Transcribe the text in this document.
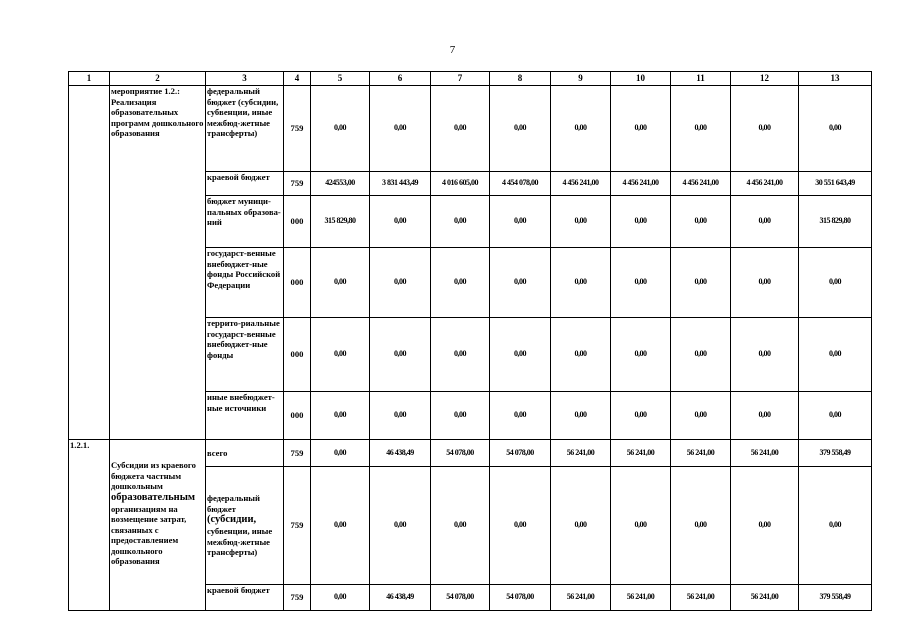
7
1	2	3	4	5	6	7	8	9	10	11	12	13
	мероприятие 1.2.: Реализация образовательных программ дошкольного образования	федеральный бюджет (субсидии, субвенции, иные межбюд-жетные трансферты)	759	0,00	0,00	0,00	0,00	0,00	0,00	0,00	0,00	0,00
		краевой бюджет	759	424553,00	3 831 443,49	4 016 605,00	4 454 078,00	4 456 241,00	4 456 241,00	4 456 241,00	4 456 241,00	30 551 643,49
		бюджет муници-пальных образова-ний	000	315 829,80	0,00	0,00	0,00	0,00	0,00	0,00	0,00	315 829,80
		государст-венные внебюджет-ные фонды Российской Федерации	000	0,00	0,00	0,00	0,00	0,00	0,00	0,00	0,00	0,00
		террито-риальные государст-венные внебюджет-ные фонды	000	0,00	0,00	0,00	0,00	0,00	0,00	0,00	0,00	0,00
		иные внебюджет-ные источники	000	0,00	0,00	0,00	0,00	0,00	0,00	0,00	0,00	0,00
1.2.1.	Субсидии из краевого бюджета частным дошкольным образовательным организациям на возмещение затрат, связанных с предоставлением дошкольного образования	всего	759	0,00	46 438,49	54 078,00	54 078,00	56 241,00	56 241,00	56 241,00	56 241,00	379 558,49
		федеральный бюджет (субсидии, субвенции, иные межбюд-жетные трансферты)	759	0,00	0,00	0,00	0,00	0,00	0,00	0,00	0,00	0,00
		краевой бюджет	759	0,00	46 438,49	54 078,00	54 078,00	56 241,00	56 241,00	56 241,00	56 241,00	379 558,49
